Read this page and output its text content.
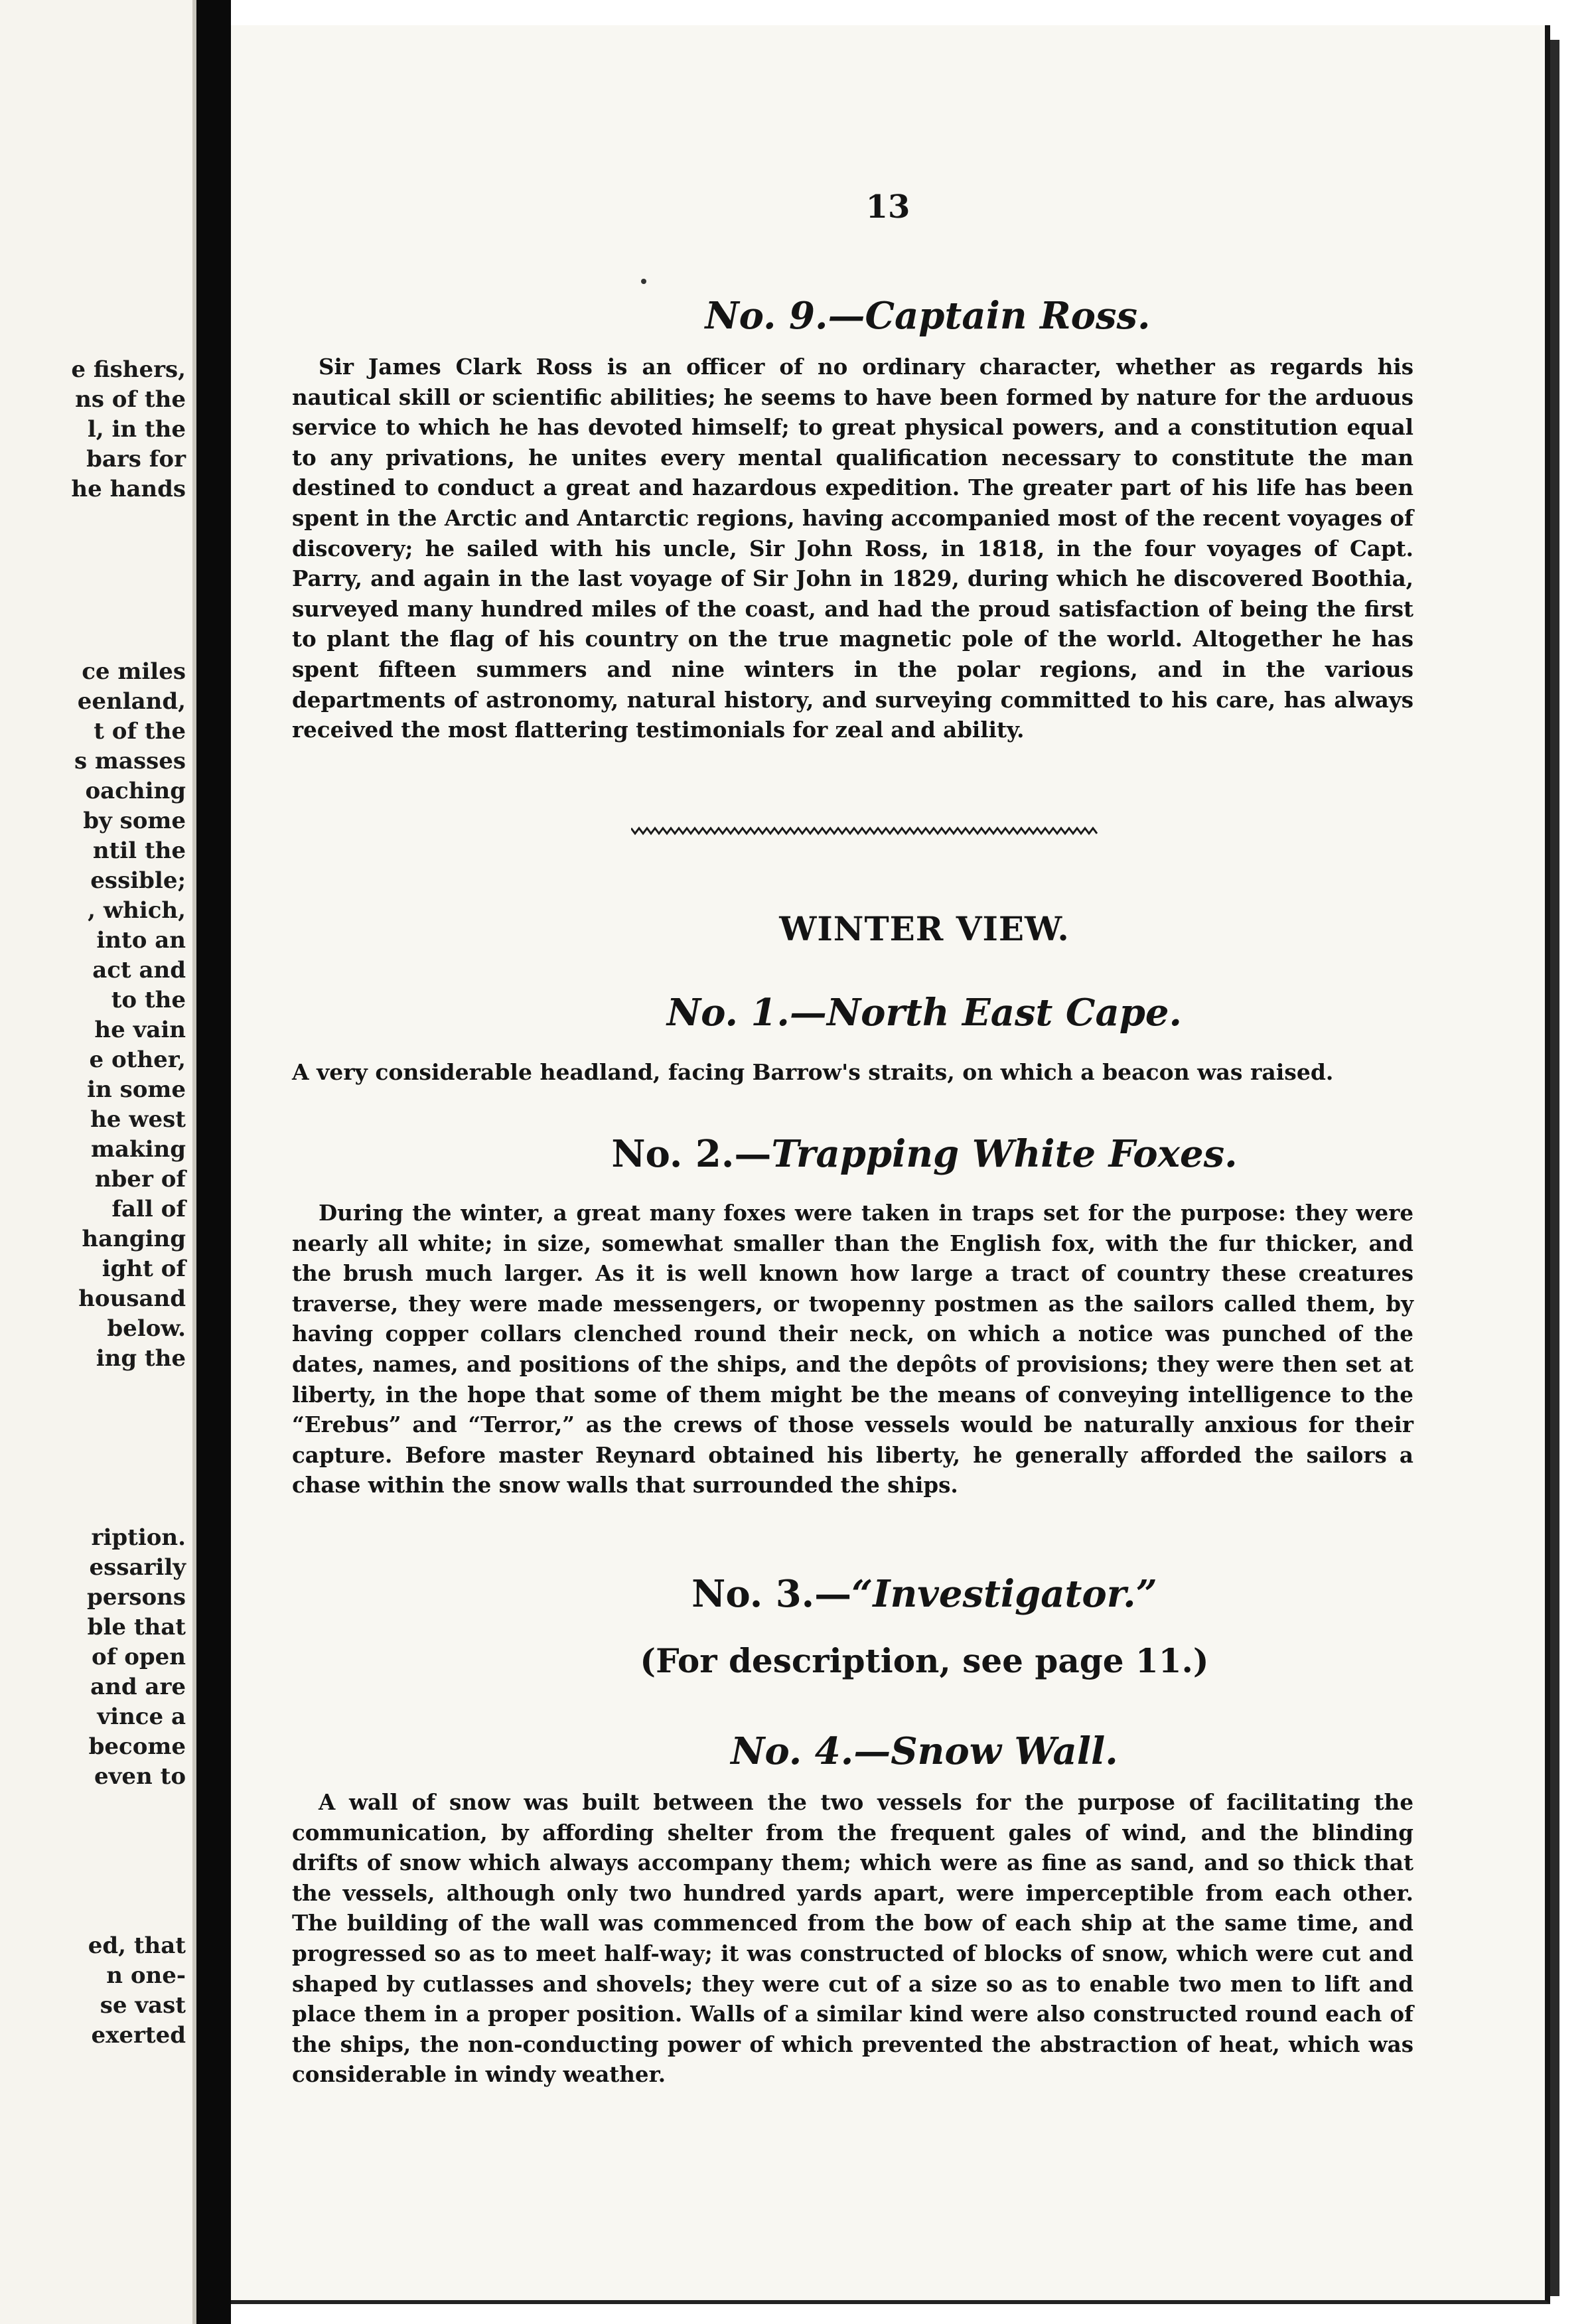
e fishers,
ns of the
l, in the
bars for
he hands
ce miles
eenland,
t of the
s masses
oaching
by some
ntil the
essible;
, which,
into an
act and
to the
he vain
e other,
in some
he west
making
nber of
fall of
hanging
ight of
housand
below.
ing the
ription.
essarily
persons
ble that
of open
and are
vince a
become
even to
ed, that
n one-
se vast
exerted
13
No. 9.—Captain Ross.
Sir James Clark Ross is an officer of no ordinary character, whether as regards his nautical skill or scientific abilities; he seems to have been formed by nature for the arduous service to which he has devoted himself; to great physical powers, and a constitution equal to any privations, he unites every mental qualification necessary to constitute the man destined to conduct a great and hazardous expedition. The greater part of his life has been spent in the Arctic and Antarctic regions, having accompanied most of the recent voyages of discovery; he sailed with his uncle, Sir John Ross, in 1818, in the four voyages of Capt. Parry, and again in the last voyage of Sir John in 1829, during which he discovered Boothia, surveyed many hundred miles of the coast, and had the proud satisfaction of being the first to plant the flag of his country on the true magnetic pole of the world. Altogether he has spent fifteen summers and nine winters in the polar regions, and in the various departments of astronomy, natural history, and surveying committed to his care, has always received the most flattering testimonials for zeal and ability.
WINTER VIEW.
No. 1.—North East Cape.
A very considerable headland, facing Barrow's straits, on which a beacon was raised.
No. 2.—Trapping White Foxes.
During the winter, a great many foxes were taken in traps set for the purpose: they were nearly all white; in size, somewhat smaller than the English fox, with the fur thicker, and the brush much larger. As it is well known how large a tract of country these creatures traverse, they were made messengers, or twopenny postmen as the sailors called them, by having copper collars clenched round their neck, on which a notice was punched of the dates, names, and positions of the ships, and the depôts of provisions; they were then set at liberty, in the hope that some of them might be the means of conveying intelligence to the “Erebus” and “Terror,” as the crews of those vessels would be naturally anxious for their capture. Before master Reynard obtained his liberty, he generally afforded the sailors a chase within the snow walls that surrounded the ships.
No. 3.—“Investigator.”
(For description, see page 11.)
No. 4.—Snow Wall.
A wall of snow was built between the two vessels for the purpose of facilitating the communication, by affording shelter from the frequent gales of wind, and the blinding drifts of snow which always accompany them; which were as fine as sand, and so thick that the vessels, although only two hundred yards apart, were imperceptible from each other. The building of the wall was commenced from the bow of each ship at the same time, and progressed so as to meet half-way; it was constructed of blocks of snow, which were cut and shaped by cutlasses and shovels; they were cut of a size so as to enable two men to lift and place them in a proper position. Walls of a similar kind were also constructed round each of the ships, the non-conducting power of which prevented the abstraction of heat, which was considerable in windy weather.
